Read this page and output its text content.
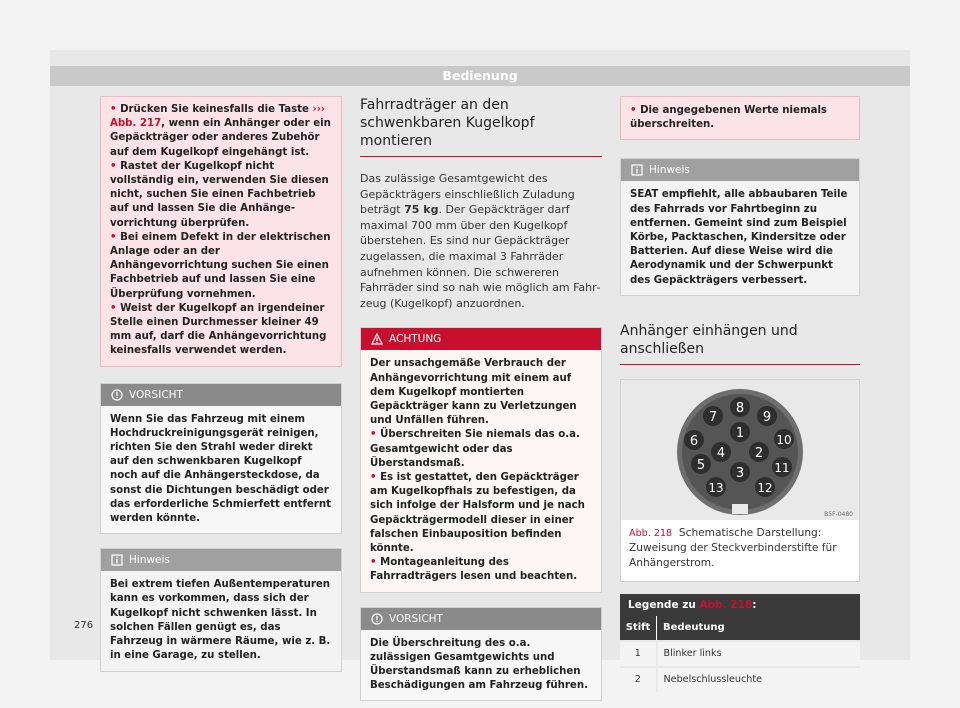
Bedienung

• Drücken Sie keinesfalls die Taste ››› Abb. 217, wenn ein Anhänger oder ein Gepäckträger oder anderes Zubehör auf dem Kugelkopf eingehängt ist.

• Rastet der Kugelkopf nicht vollständig ein, verwenden Sie diesen nicht, suchen Sie einen Fachbetrieb auf und lassen Sie die Anhängevorrichtung überprüfen.

• Bei einem Defekt in der elektrischen Anlage oder an der Anhängevorrichtung suchen Sie einen Fachbetrieb auf und lassen Sie eine Überprüfung vornehmen.

• Weist der Kugelkopf an irgendeiner Stelle einen Durchmesser kleiner 49 mm auf, darf die Anhängevorrichtung keinesfalls verwendet werden.

VORSICHT
Wenn Sie das Fahrzeug mit einem Hochdruckreinigungsgerät reinigen, richten Sie den Strahl weder direkt auf den schwenkbaren Kugelkopf noch auf die Anhängersteckdose, da sonst die Dichtungen beschädigt oder das erforderliche Schmierfett entfernt werden könnte.
Hinweis
Bei extrem tiefen Außentemperaturen kann es vorkommen, dass sich der Kugelkopf nicht schwenken lässt. In solchen Fällen genügt es, das Fahrzeug in wärmere Räume, wie z. B. in eine Garage, zu stellen.
Fahrradträger an den schwenkbaren Kugelkopf montieren

Das zulässige Gesamtgewicht des Gepäckträgers einschließlich Zuladung beträgt 75 kg. Der Gepäckträger darf maximal 700 mm über den Kugelkopf überstehen. Es sind nur Gepäckträger zugelassen, die maximal 3 Fahrräder aufnehmen können. Die schwereren Fahrräder sind so nah wie möglich am Fahrzeug (Kugelkopf) anzuordnen.

ACHTUNG
Der unsachgemäße Verbrauch der Anhängevorrichtung mit einem auf dem Kugelkopf montierten Gepäckträger kann zu Verletzungen und Unfällen führen.
• Überschreiten Sie niemals das o.a. Gesamtgewicht oder das Überstandsmaß.
• Es ist gestattet, den Gepäckträger am Kugelkopfhals zu befestigen, da sich infolge der Halsform und je nach Gepäckträgermodell dieser in einer falschen Einbauposition befinden könnte.
• Montageanleitung des Fahrradträgers lesen und beachten.
VORSICHT
Die Überschreitung des o.a. zulässigen Gesamtgewichts und Überstandsmaß kann zu erheblichen Beschädigungen am Fahrzeug führen.

• Die angegebenen Werte niemals überschreiten.

Hinweis
SEAT empfiehlt, alle abbaubaren Teile des Fahrrads vor Fahrtbeginn zu entfernen. Gemeint sind zum Beispiel Körbe, Packtaschen, Kindersitze oder Batterien. Auf diese Weise wird die Aerodynamik und der Schwerpunkt des Gepäckträgers verbessert.
Anhänger einhängen und anschließen
1
2
3
4
5
6
7
8
9
10
11
12
13
B5F-0480
Abb. 218 Schematische Darstellung: Zuweisung der Steckverbinderstifte für Anhängerstrom.
Legende zu Abb. 218:
Stift	Bedeutung
1	Blinker links
2	Nebelschlussleuchte
276
